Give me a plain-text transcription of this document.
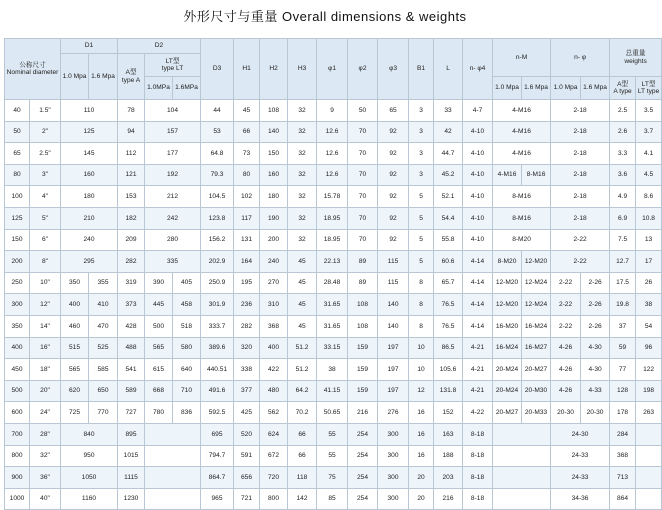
外形尺寸与重量 Overall dimensions & weights
公称尺寸
Nominal diameter		D1		D2			D3	H1	H2	H3	φ1	φ2	φ3	B1	L	n- φ4	n-M		n- φ		总重量
weights	
		1.0 Mpa	1.6 Mpa	A型
type A	LT型
type LT																	
					1.0MPa	1.6MPa											1.0 Mpa	1.6 Mpa	1.0 Mpa	1.6 Mpa	A型
A type	LT型
LT type
40	1.5"	110		78	104		44	45	108	32	9	50	65	3	33	4-7	4-M16		2-18		2.5	3.5
50	2"	125		94	157		53	66	140	32	12.6	70	92	3	42	4-10	4-M16		2-18		2.6	3.7
65	2.5"	145		112	177		64.8	73	150	32	12.6	70	92	3	44.7	4-10	4-M16		2-18		3.3	4.1
80	3"	160		121	192		79.3	80	160	32	12.6	70	92	3	45.2	4-10	4-M16	8-M16	2-18		3.6	4.5
100	4"	180		153	212		104.5	102	180	32	15.78	70	92	5	52.1	4-10	8-M16		2-18		4.9	8.6
125	5"	210		182	242		123.8	117	190	32	18.95	70	92	5	54.4	4-10	8-M16		2-18		6.9	10.8
150	6"	240		209	280		156.2	131	200	32	18.95	70	92	5	55.8	4-10	8-M20		2-22		7.5	13
200	8"	295		282	335		202.9	164	240	45	22.13	89	115	5	60.6	4-14	8-M20	12-M20	2-22		12.7	17
250	10"	350	355	319	390	405	250.9	195	270	45	28.48	89	115	8	65.7	4-14	12-M20	12-M24	2-22	2-26	17.5	26
300	12"	400	410	373	445	458	301.9	236	310	45	31.65	108	140	8	76.5	4-14	12-M20	12-M24	2-22	2-26	19.8	38
350	14"	460	470	428	500	518	333.7	282	368	45	31.65	108	140	8	76.5	4-14	16-M20	16-M24	2-22	2-26	37	54
400	16"	515	525	488	565	580	389.6	320	400	51.2	33.15	159	197	10	86.5	4-21	16-M24	16-M27	4-26	4-30	59	96
450	18"	565	585	541	615	640	440.51	338	422	51.2	38	159	197	10	105.6	4-21	20-M24	20-M27	4-26	4-30	77	122
500	20"	620	650	589	668	710	491.6	377	480	64.2	41.15	159	197	12	131.8	4-21	20-M24	20-M30	4-26	4-33	128	198
600	24"	725	770	727	780	836	592.5	425	562	70.2	50.65	216	276	16	152	4-22	20-M27	20-M33	20-30	20-30	178	263
700	28"	840		895			695	520	624	66	55	254	300	16	163	8-18			24-30		284	
800	32"	950		1015			794.7	591	672	66	55	254	300	16	188	8-18			24-33		368	
900	36"	1050		1115			864.7	656	720	118	75	254	300	20	203	8-18			24-33		713	
1000	40"	1160		1230			965	721	800	142	85	254	300	20	216	8-18			34-36		864	
